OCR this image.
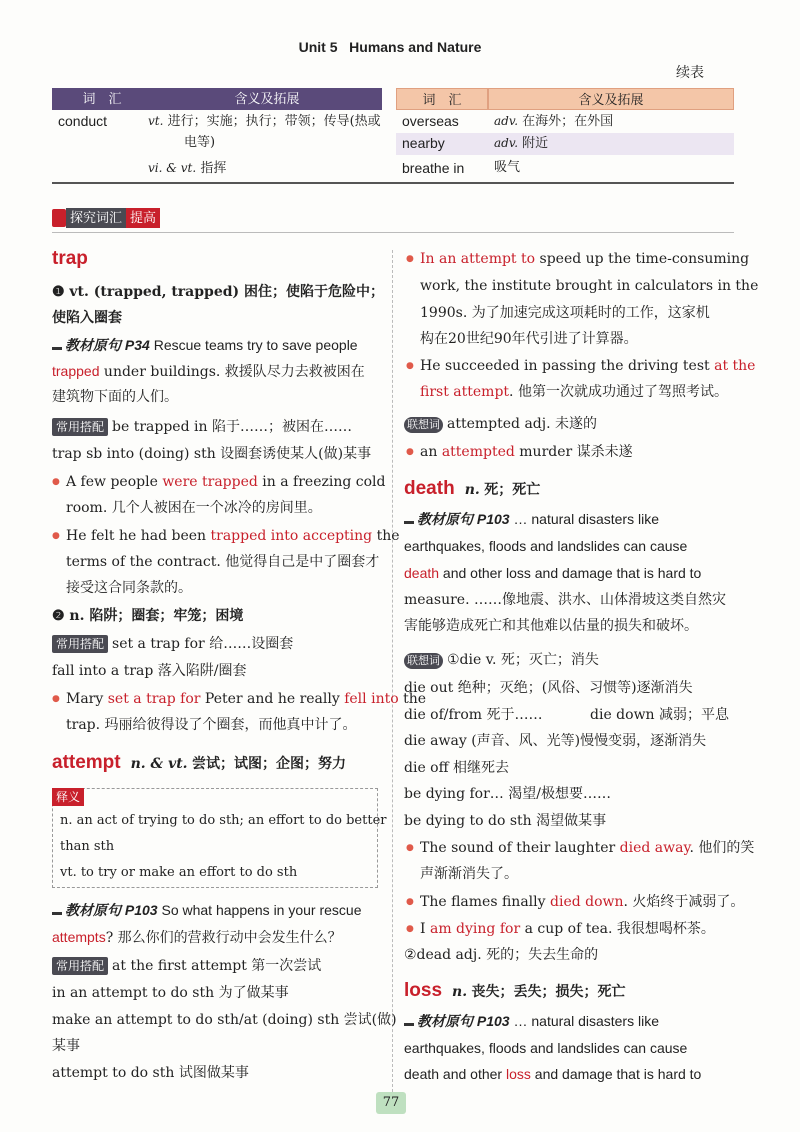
Unit 5 Humans and Nature
续表
词　汇	含义及拓展	词　汇	含义及拓展
conduct	vt. 进行；实施；执行；带领；传导(热或
电等)
vi. & vt. 指挥
overseas	adv. 在海外；在外国
nearby	adv. 附近
breathe in 吸气
探究词汇 提高
trap
❶ vt. (trapped, trapped) 困住；使陷于危险中；
使陷入圈套
▬ 教材原句 P34 Rescue teams try to save people
trapped under buildings. 救援队尽力去救被困在
建筑物下面的人们。
常用搭配 be trapped in 陷于……；被困在……
trap sb into (doing) sth 设圈套诱使某人(做)某事
● A few people were trapped in a freezing cold
room. 几个人被困在一个冰冷的房间里。
● He felt he had been trapped into accepting the
terms of the contract. 他觉得自己是中了圈套才
接受这合同条款的。
❷ n. 陷阱；圈套；牢笼；困境
常用搭配 set a trap for 给……设圈套
fall into a trap 落入陷阱/圈套
● Mary set a trap for Peter and he really fell into the
trap. 玛丽给彼得设了个圈套，而他真中计了。
attempt n. & vt. 尝试；试图；企图；努力
释义
n. an act of trying to do sth; an effort to do better
than sth
vt. to try or make an effort to do sth
▬ 教材原句 P103 So what happens in your rescue
attempts? 那么你们的营救行动中会发生什么？
常用搭配 at the first attempt 第一次尝试
in an attempt to do sth 为了做某事
make an attempt to do sth/at (doing) sth 尝试(做)
某事
attempt to do sth 试图做某事
● In an attempt to speed up the time-consuming
work, the institute brought in calculators in the
1990s. 为了加速完成这项耗时的工作，这家机
构在20世纪90年代引进了计算器。
● He succeeded in passing the driving test at the
first attempt. 他第一次就成功通过了驾照考试。
联想词 attempted adj. 未遂的
● an attempted murder 谋杀未遂
death n. 死；死亡
▬ 教材原句 P103 … natural disasters like
earthquakes, floods and landslides can cause
death and other loss and damage that is hard to
measure. ……像地震、洪水、山体滑坡这类自然灾
害能够造成死亡和其他难以估量的损失和破坏。
联想词 ①die v. 死；灭亡；消失
die out 绝种；灭绝；(风俗、习惯等)逐渐消失
die of/from 死于……	die down 减弱；平息
die away (声音、风、光等)慢慢变弱，逐渐消失
die off 相继死去
be dying for… 渴望/极想要……
be dying to do sth 渴望做某事
● The sound of their laughter died away. 他们的笑
声渐渐消失了。
● The flames finally died down. 火焰终于减弱了。
● I am dying for a cup of tea. 我很想喝杯茶。
②dead adj. 死的；失去生命的
loss n. 丧失；丢失；损失；死亡
▬ 教材原句 P103 … natural disasters like
earthquakes, floods and landslides can cause
death and other loss and damage that is hard to
77
